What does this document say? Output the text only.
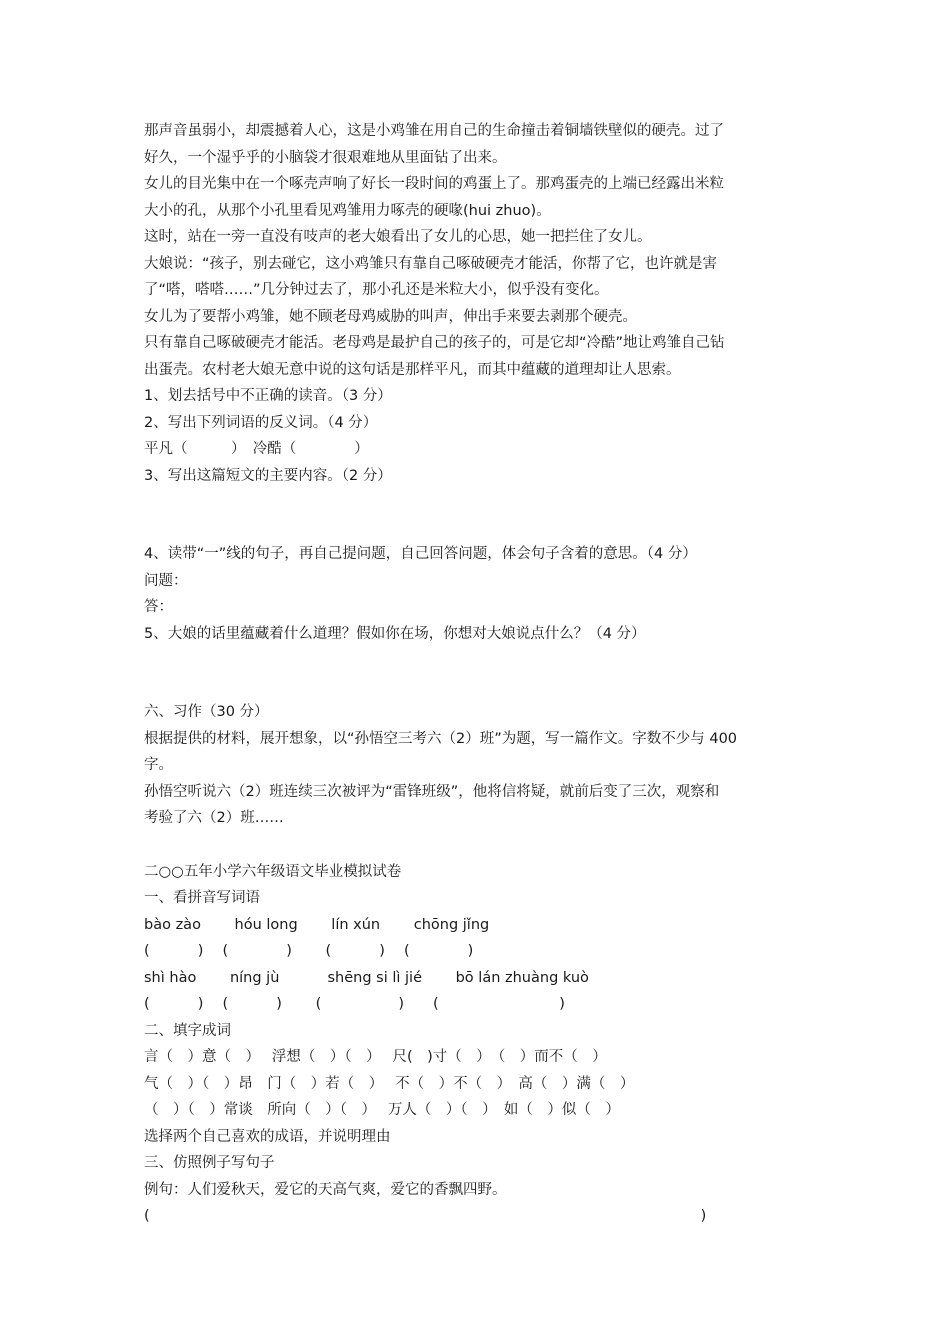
那声音虽弱小，却震撼着人心，这是小鸡雏在用自己的生命撞击着铜墙铁壁似的硬壳。过了
好久，一个湿乎乎的小脑袋才很艰难地从里面钻了出来。
女儿的目光集中在一个啄壳声响了好长一段时间的鸡蛋上了。那鸡蛋壳的上端已经露出米粒
大小的孔，从那个小孔里看见鸡雏用力啄壳的硬喙(hui zhuo)。
这时，站在一旁一直没有吱声的老大娘看出了女儿的心思，她一把拦住了女儿。
大娘说：“孩子，别去碰它，这小鸡雏只有靠自己啄破硬壳才能活，你帮了它，也许就是害
了“嗒，嗒嗒……”几分钟过去了，那小孔还是米粒大小，似乎没有变化。
女儿为了要帮小鸡雏，她不顾老母鸡威胁的叫声，伸出手来要去剥那个硬壳。
只有靠自己啄破硬壳才能活。老母鸡是最护自己的孩子的，可是它却“冷酷”地让鸡雏自己钻
出蛋壳。农村老大娘无意中说的这句话是那样平凡，而其中蕴藏的道理却让人思索。
1、划去括号中不正确的读音。（3 分）
2、写出下列词语的反义词。（4 分）
平凡（　　　）　冷酷（　　　　）
3、写出这篇短文的主要内容。（2 分）
4、读带“一”线的句子，再自己提问题，自己回答问题，体会句子含着的意思。（4 分）
问题：
答：
5、大娘的话里蕴藏着什么道理？假如你在场，你想对大娘说点什么？（4 分）
六、习作（30 分）
根据提供的材料，展开想象，以“孙悟空三考六（2）班”为题，写一篇作文。字数不少与 400
字。
孙悟空听说六（2）班连续三次被评为“雷锋班级”，他将信将疑，就前后变了三次，观察和
考验了六（2）班……
二○○五年小学六年级语文毕业模拟试卷
一、看拼音写词语
bào zào　　 hóu long　　 lín xún　　 chōng jǐng
(　　　 )　 (　　　　)　　 (　　　 )　 (　　　　)
shì hào　　 níng jù　　　 shēng si lì jié　　 bō lán zhuàng kuò
(　　　 )　 (　　　 )　　 (　　　　　 )　　(　　　　　　　　 )
二、填字成词
言（　）意（　）　 浮想（　）（　）　 尺(　)寸（　）　（　）而不（　）
气（　）（　）昂　门（　）若（　）　 不（　）不（　）　高（　）满（　）
（　）（　）常谈　所向（　）（　）　 万人（　）（　）　如（　）似（　）
选择两个自己喜欢的成语，并说明理由
三、仿照例子写句子
例句：人们爱秋天，爱它的天高气爽，爱它的香飘四野。
(　　　　　　　　　　　　　　　　　　　　　　　　　　　　　　　　　　　　　　)
